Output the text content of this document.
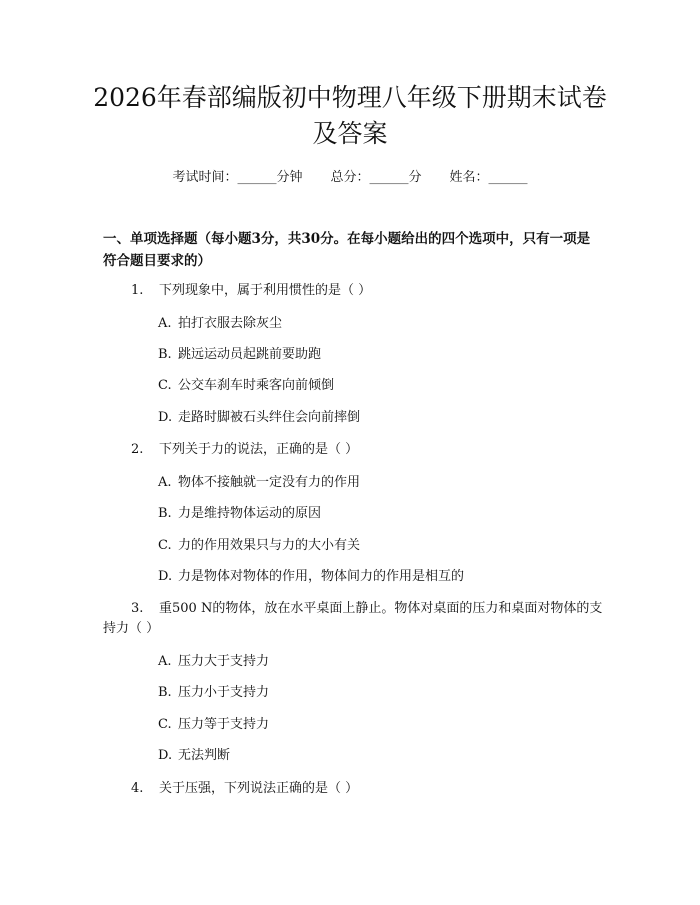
2026年春部编版初中物理八年级下册期末试卷及答案
考试时间：______分钟 总分：______分 姓名：______
一、单项选择题（每小题3分，共30分。在每小题给出的四个选项中，只有一项是符合题目要求的）
1. 下列现象中，属于利用惯性的是（ ）
A. 拍打衣服去除灰尘
B. 跳远运动员起跳前要助跑
C. 公交车刹车时乘客向前倾倒
D. 走路时脚被石头绊住会向前摔倒
2. 下列关于力的说法，正确的是（ ）
A. 物体不接触就一定没有力的作用
B. 力是维持物体运动的原因
C. 力的作用效果只与力的大小有关
D. 力是物体对物体的作用，物体间力的作用是相互的
3. 重500 N的物体，放在水平桌面上静止。物体对桌面的压力和桌面对物体的支持力（ ）
A. 压力大于支持力
B. 压力小于支持力
C. 压力等于支持力
D. 无法判断
4. 关于压强，下列说法正确的是（ ）
